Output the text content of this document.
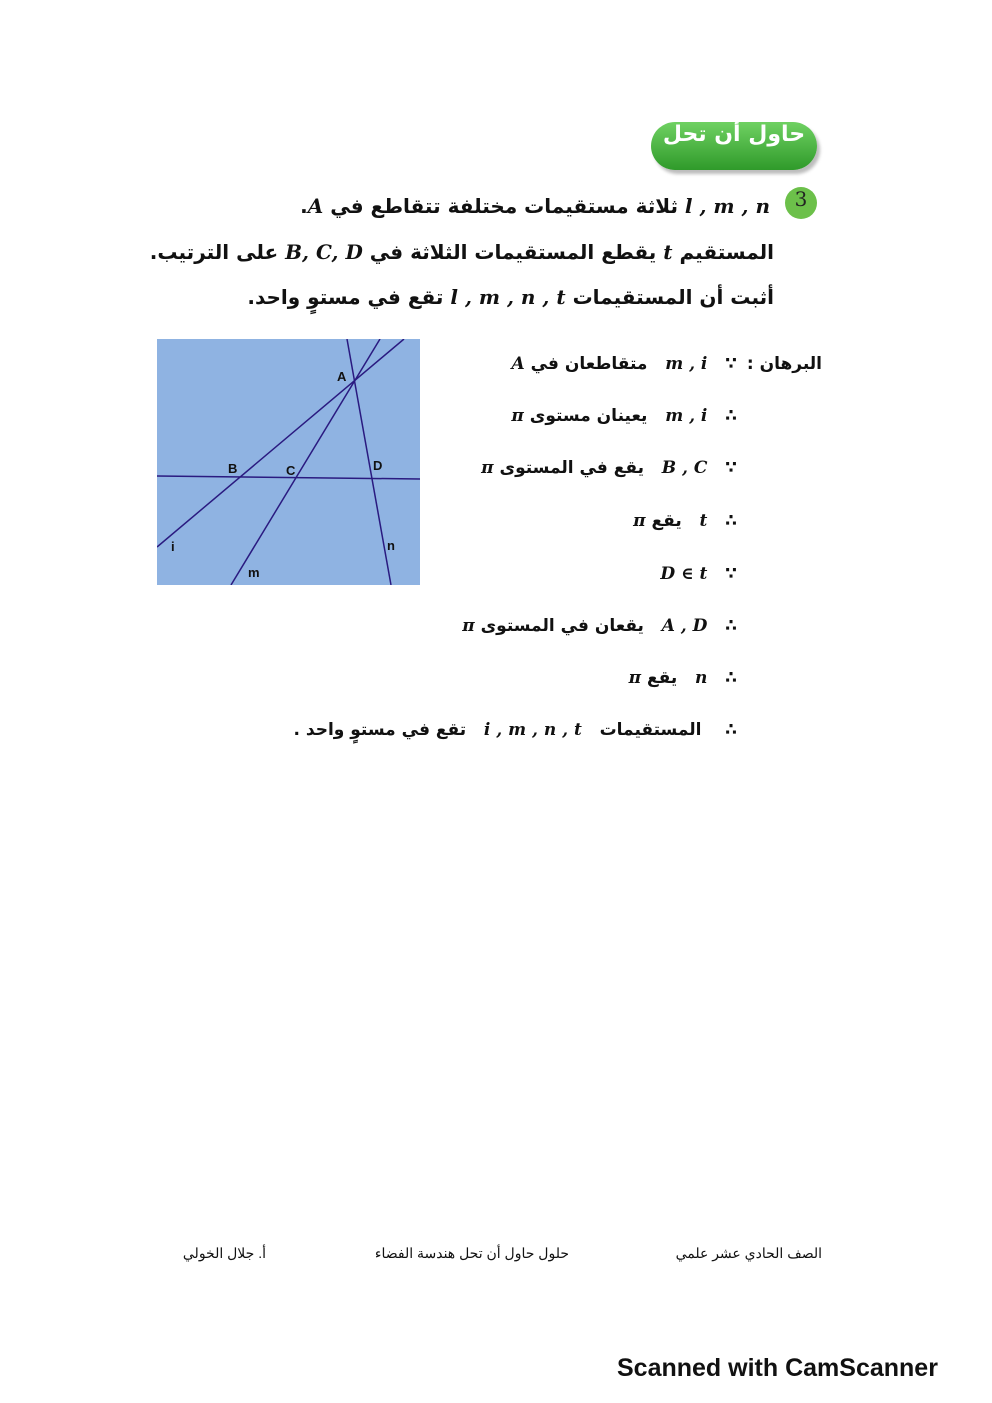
حاول أن تحل
3
l , m , n ثلاثة مستقيمات مختلفة تتقاطع في A.
المستقيم t يقطع المستقيمات الثلاثة في B, C, D على الترتيب.
أثبت أن المستقيمات l , m , n , t تقع في مستوٍ واحد.
A
B	C	D
i
m
n
البرهان :
∵   m , i   متقاطعان في A
∴   m , i   يعينان مستوى π
∵   B , C   يقع في المستوى π
∴   t   يقع π
∵   D ∈ t
∴   A , D   يقعان في المستوى π
∴   n   يقع π
∴    المستقيمات   i , m , n , t   تقع في مستوٍ واحد .
الصف الحادي عشر علمي
حلول حاول أن تحل هندسة الفضاء
أ. جلال الخولي
Scanned with CamScanner
